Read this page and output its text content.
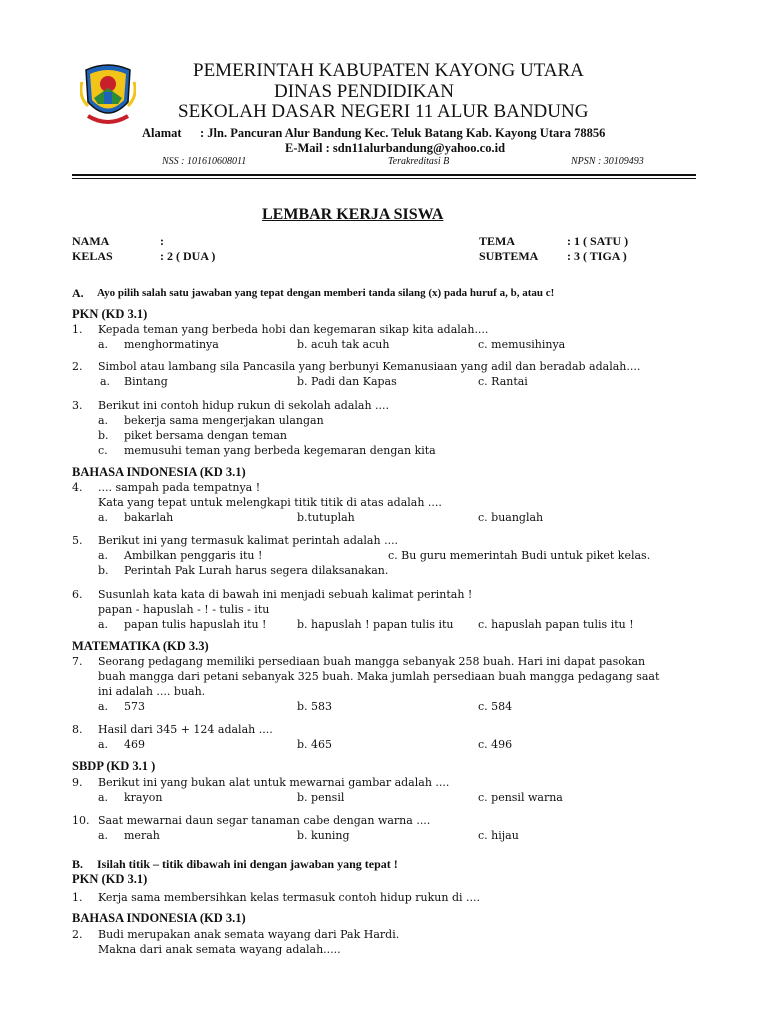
PEMERINTAH KABUPATEN KAYONG UTARA
DINAS PENDIDIKAN
SEKOLAH DASAR NEGERI 11 ALUR BANDUNG
Alamat : Jln. Pancuran Alur Bandung Kec. Teluk Batang Kab. Kayong Utara 78856
E-Mail : sdn11alurbandung@yahoo.co.id
NSS : 101610608011	Terakreditasi B	NPSN : 30109493
LEMBAR KERJA SISWA
NAMA	:
KELAS	: 2 ( DUA )
TEMA	: 1 ( SATU )
SUBTEMA : 3 ( TIGA )
A. Ayo pilih salah satu jawaban yang tepat dengan memberi tanda silang (x) pada huruf a, b, atau c!
PKN (KD 3.1)
1. Kepada teman yang berbeda hobi dan kegemaran sikap kita adalah....
a. menghormatinya	b. acuh tak acuh	c. memusihinya
2. Simbol atau lambang sila Pancasila yang berbunyi Kemanusiaan yang adil dan beradab adalah....
a. Bintang	b. Padi dan Kapas	c. Rantai
3. Berikut ini contoh hidup rukun di sekolah adalah ....
a. bekerja sama mengerjakan ulangan
b. piket bersama dengan teman
c. memusuhi teman yang berbeda kegemaran dengan kita
BAHASA INDONESIA (KD 3.1)
4. .... sampah pada tempatnya !
Kata yang tepat untuk melengkapi titik titik di atas adalah ....
a. bakarlah	b.tutuplah	c. buanglah
5. Berikut ini yang termasuk kalimat perintah adalah ....
a. Ambilkan penggaris itu !	c. Bu guru memerintah Budi untuk piket kelas.
b. Perintah Pak Lurah harus segera dilaksanakan.
6. Susunlah kata kata di bawah ini menjadi sebuah kalimat perintah !
papan - hapuslah - ! - tulis - itu
a. papan tulis hapuslah itu !	b. hapuslah ! papan tulis itu c. hapuslah papan tulis itu !
MATEMATIKA (KD 3.3)
7. Seorang pedagang memiliki persediaan buah mangga sebanyak 258 buah. Hari ini dapat pasokan
buah mangga dari petani sebanyak 325 buah. Maka jumlah persediaan buah mangga pedagang saat
ini adalah .... buah.
a. 573	b. 583	c. 584
8. Hasil dari 345 + 124 adalah ....
a. 469	b. 465	c. 496
SBDP (KD 3.1 )
9. Berikut ini yang bukan alat untuk mewarnai gambar adalah ....
a. krayon	b. pensil	c. pensil warna
10. Saat mewarnai daun segar tanaman cabe dengan warna ....
a. merah	b. kuning	c. hijau
B. Isilah titik – titik dibawah ini dengan jawaban yang tepat !
PKN (KD 3.1)
1. Kerja sama membersihkan kelas termasuk contoh hidup rukun di ....
BAHASA INDONESIA (KD 3.1)
2. Budi merupakan anak semata wayang dari Pak Hardi.
Makna dari anak semata wayang adalah.....
